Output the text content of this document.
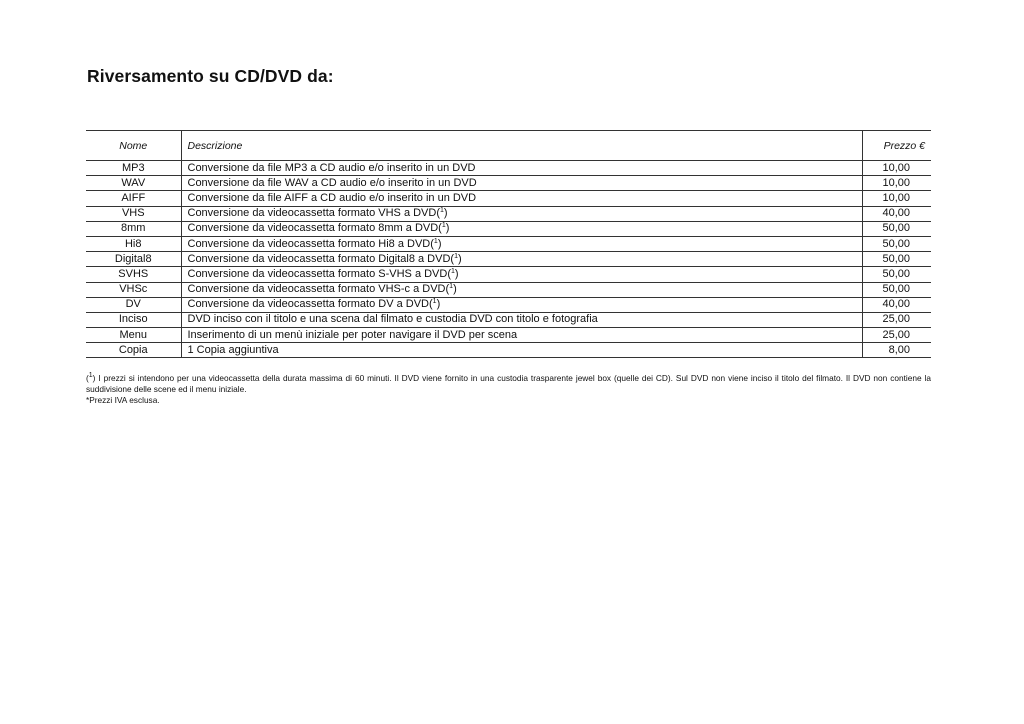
Riversamento su CD/DVD da:
Nome	Descrizione	Prezzo €
MP3	Conversione da file MP3 a CD audio e/o inserito in un DVD	10,00
WAV	Conversione da file WAV a CD audio e/o inserito in un DVD	10,00
AIFF	Conversione da file AIFF a CD audio e/o inserito in un DVD	10,00
VHS	Conversione da videocassetta formato VHS a DVD($^1$)	40,00
8mm	Conversione da videocassetta formato 8mm a DVD($^1$)	50,00
Hi8	Conversione da videocassetta formato Hi8 a DVD($^1$)	50,00
Digital8	Conversione da videocassetta formato Digital8 a DVD($^1$)	50,00
SVHS	Conversione da videocassetta formato S-VHS a DVD($^1$)	50,00
VHSc	Conversione da videocassetta formato VHS-c a DVD($^1$)	50,00
DV	Conversione da videocassetta formato DV a DVD($^1$)	40,00
Inciso	DVD inciso con il titolo e una scena dal filmato e custodia DVD con titolo e fotografia	25,00
Menu	Inserimento di un menù iniziale per poter navigare il DVD per scena	25,00
Copia	1 Copia aggiuntiva	8,00

($^1$) I prezzi si intendono per una videocassetta della durata massima di 60 minuti. Il DVD viene fornito in una custodia trasparente jewel box (quelle dei CD). Sul DVD non viene inciso il titolo del filmato. Il DVD non contiene la suddivisione delle scene ed il menu iniziale.

*Prezzi IVA esclusa.
